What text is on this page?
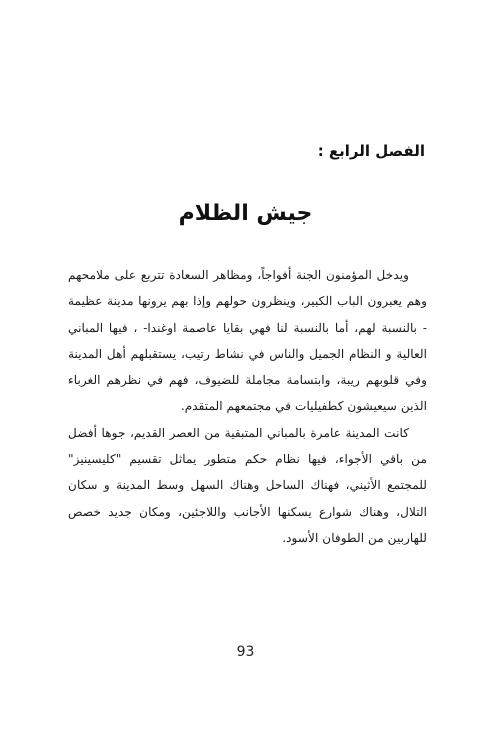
الفصل الرابع :
جيش الظلام

ويدخل المؤمنون الجنة أفواجاً، ومظاهر السعادة تتربع على ملامحهم وهم يعبرون الباب الكبير، وينظرون حولهم وإذا بهم يرونها مدينة عظيمة - بالنسبة لهم، أما بالنسبة لنا فهي بقايا عاصمة اوغندا- ، فيها المباني العالية و النظام الجميل والناس في نشاط رتيب، يستقبلهم أهل المدينة وفي قلوبهم ريبة، وابتسامة مجاملة للضيوف، فهم في نظرهم الغرباء الذين سيعيشون كطفيليات في مجتمعهم المتقدم.

كانت المدينة عامرة بالمباني المتبقية من العصر القديم، جوها أفضل من باقي الأجواء، فيها نظام حكم متطور يماثل تقسيم "كليسينيز" للمجتمع الأثيني، فهناك الساحل وهناك السهل وسط المدينة و سكان التلال، وهناك شوارع يسكنها الأجانب واللاجئين، ومكان جديد خصص للهاربين من الطوفان الأسود.

93
